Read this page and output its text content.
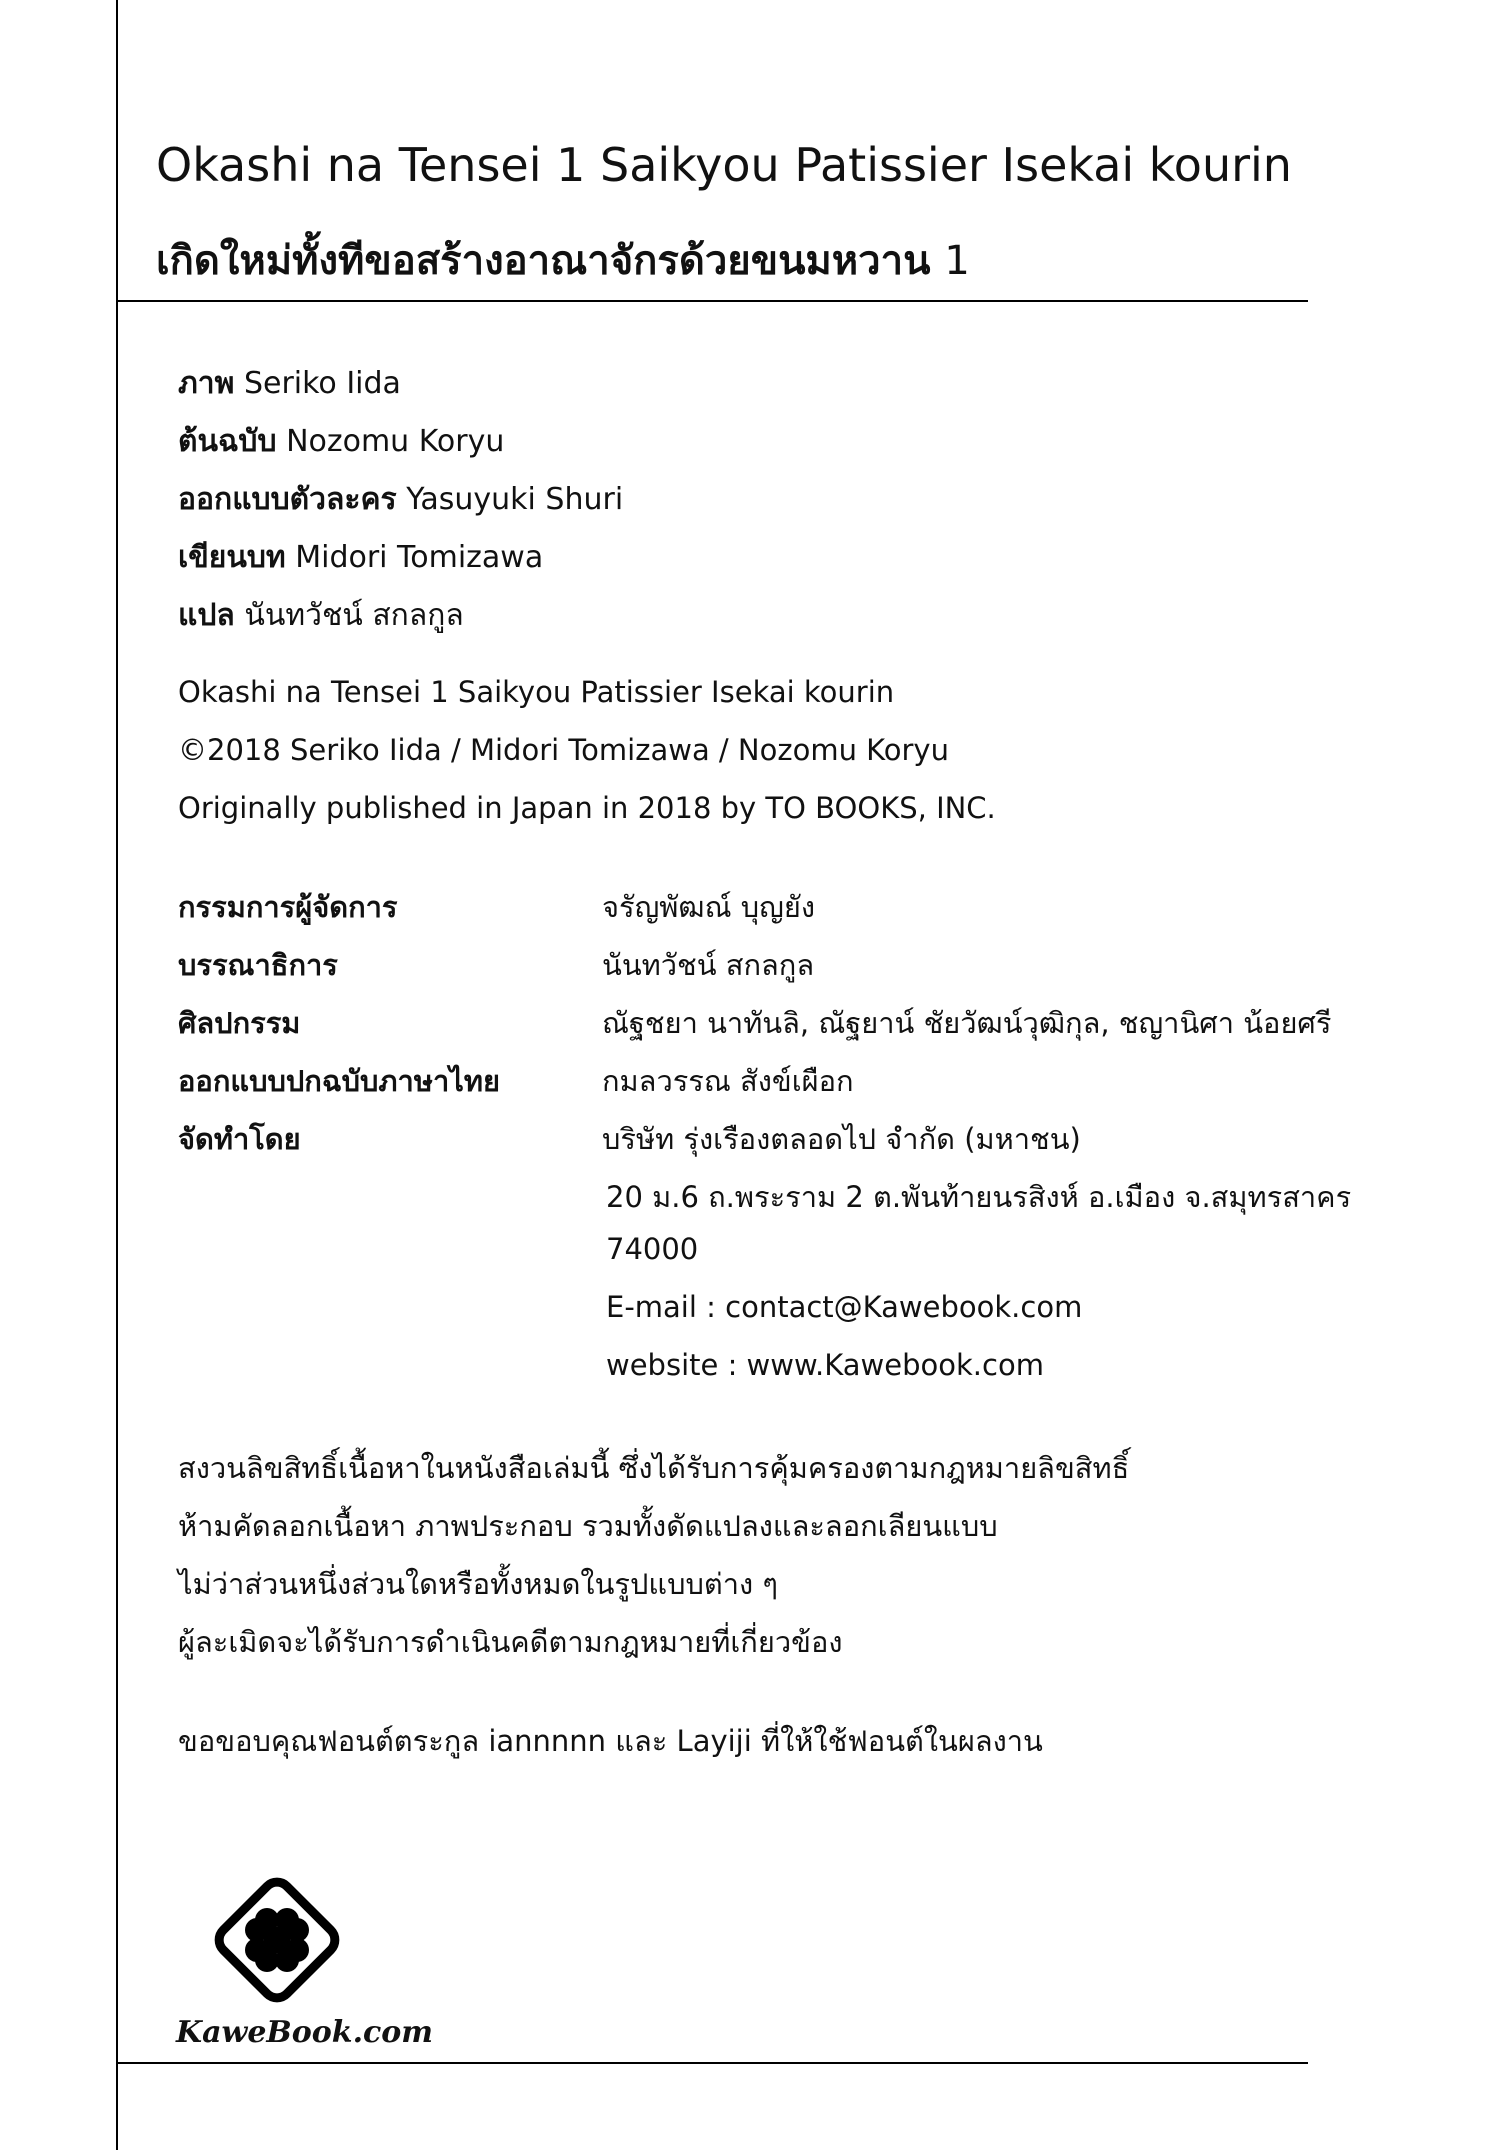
Okashi na Tensei 1 Saikyou Patissier Isekai kourin
เกิดใหม่ทั้งทีขอสร้างอาณาจักรด้วยขนมหวาน 1
ภาพ Seriko Iida
ต้นฉบับ Nozomu Koryu
ออกแบบตัวละคร Yasuyuki Shuri
เขียนบท Midori Tomizawa
แปล นันทวัชน์ สกลกูล
Okashi na Tensei 1 Saikyou Patissier Isekai kourin
©2018 Seriko Iida / Midori Tomizawa / Nozomu Koryu
Originally published in Japan in 2018 by TO BOOKS, INC.
กรรมการผู้จัดการ	จรัญพัฒณ์ บุญยัง
บรรณาธิการ	นันทวัชน์ สกลกูล
ศิลปกรรม	ณัฐชยา นาทันลิ, ณัฐยาน์ ชัยวัฒน์วุฒิกุล, ชญานิศา น้อยศรี
ออกแบบปกฉบับภาษาไทย	กมลวรรณ สังข์เผือก
จัดทำโดย	บริษัท รุ่งเรืองตลอดไป จำกัด (มหาชน)
20 ม.6 ถ.พระราม 2 ต.พันท้ายนรสิงห์ อ.เมือง จ.สมุทรสาคร
74000
E-mail : contact@Kawebook.com
website : www.Kawebook.com
สงวนลิขสิทธิ์เนื้อหาในหนังสือเล่มนี้ ซึ่งได้รับการคุ้มครองตามกฎหมายลิขสิทธิ์
ห้ามคัดลอกเนื้อหา ภาพประกอบ รวมทั้งดัดแปลงและลอกเลียนแบบ
ไม่ว่าส่วนหนึ่งส่วนใดหรือทั้งหมดในรูปแบบต่าง ๆ
ผู้ละเมิดจะได้รับการดำเนินคดีตามกฎหมายที่เกี่ยวข้อง
ขอขอบคุณฟอนต์ตระกูล iannnnn และ Layiji ที่ให้ใช้ฟอนต์ในผลงาน
KaweBook.com
